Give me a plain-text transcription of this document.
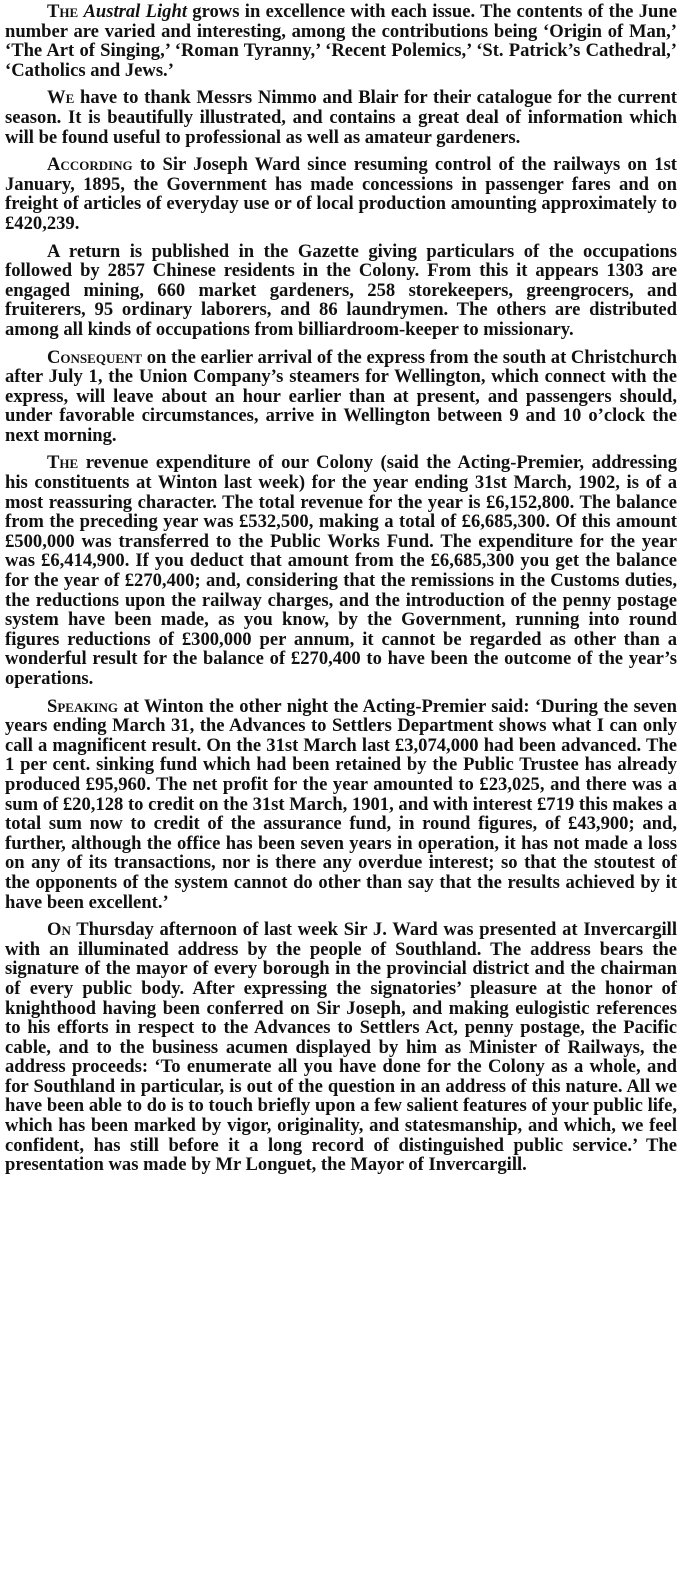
The Austral Light grows in excellence with each issue. The contents of the June number are varied and interesting, among the contributions being ‘Origin of Man,’ ‘The Art of Singing,’ ‘Roman Tyranny,’ ‘Recent Polemics,’ ‘St. Patrick’s Cathedral,’ ‘Catholics and Jews.’

We have to thank Messrs Nimmo and Blair for their catalogue for the current season. It is beautifully illustrated, and contains a great deal of information which will be found useful to professional as well as amateur gardeners.

According to Sir Joseph Ward since resuming control of the railways on 1st January, 1895, the Government has made concessions in passenger fares and on freight of articles of everyday use or of local production amounting approximately to £420,239.

A return is published in the Gazette giving particulars of the occupations followed by 2857 Chinese residents in the Colony. From this it appears 1303 are engaged mining, 660 market gardeners, 258 storekeepers, greengrocers, and fruiterers, 95 ordinary laborers, and 86 laundrymen. The others are distributed among all kinds of occupations from billiardroom-keeper to missionary.

Consequent on the earlier arrival of the express from the south at Christchurch after July 1, the Union Company’s steamers for Wellington, which connect with the express, will leave about an hour earlier than at present, and passengers should, under favorable circumstances, arrive in Wellington between 9 and 10 o’clock the next morning.

The revenue expenditure of our Colony (said the Acting-Premier, addressing his constituents at Winton last week) for the year ending 31st March, 1902, is of a most reassuring character. The total revenue for the year is £6,152,800. The balance from the preceding year was £532,500, making a total of £6,685,300. Of this amount £500,000 was transferred to the Public Works Fund. The expenditure for the year was £6,414,900. If you deduct that amount from the £6,685,300 you get the balance for the year of £270,400; and, considering that the remissions in the Customs duties, the reductions upon the railway charges, and the introduction of the penny postage system have been made, as you know, by the Government, running into round figures reductions of £300,000 per annum, it cannot be regarded as other than a wonderful result for the balance of £270,400 to have been the outcome of the year’s operations.

Speaking at Winton the other night the Acting-Premier said: ‘During the seven years ending March 31, the Advances to Settlers Department shows what I can only call a magnificent result. On the 31st March last £3,074,000 had been advanced. The 1 per cent. sinking fund which had been retained by the Public Trustee has already produced £95,960. The net profit for the year amounted to £23,025, and there was a sum of £20,128 to credit on the 31st March, 1901, and with interest £719 this makes a total sum now to credit of the assurance fund, in round figures, of £43,900; and, further, although the office has been seven years in operation, it has not made a loss on any of its transactions, nor is there any overdue interest; so that the stoutest of the opponents of the system cannot do other than say that the results achieved by it have been excellent.’

On Thursday afternoon of last week Sir J. Ward was presented at Invercargill with an illuminated address by the people of Southland. The address bears the signature of the mayor of every borough in the provincial district and the chairman of every public body. After expressing the signatories’ pleasure at the honor of knighthood having been conferred on Sir Joseph, and making eulogistic references to his efforts in respect to the Advances to Settlers Act, penny postage, the Pacific cable, and to the business acumen displayed by him as Minister of Railways, the address proceeds: ‘To enumerate all you have done for the Colony as a whole, and for Southland in particular, is out of the question in an address of this nature. All we have been able to do is to touch briefly upon a few salient features of your public life, which has been marked by vigor, originality, and statesmanship, and which, we feel confident, has still before it a long record of distinguished public service.’ The presentation was made by Mr Longuet, the Mayor of Invercargill.
